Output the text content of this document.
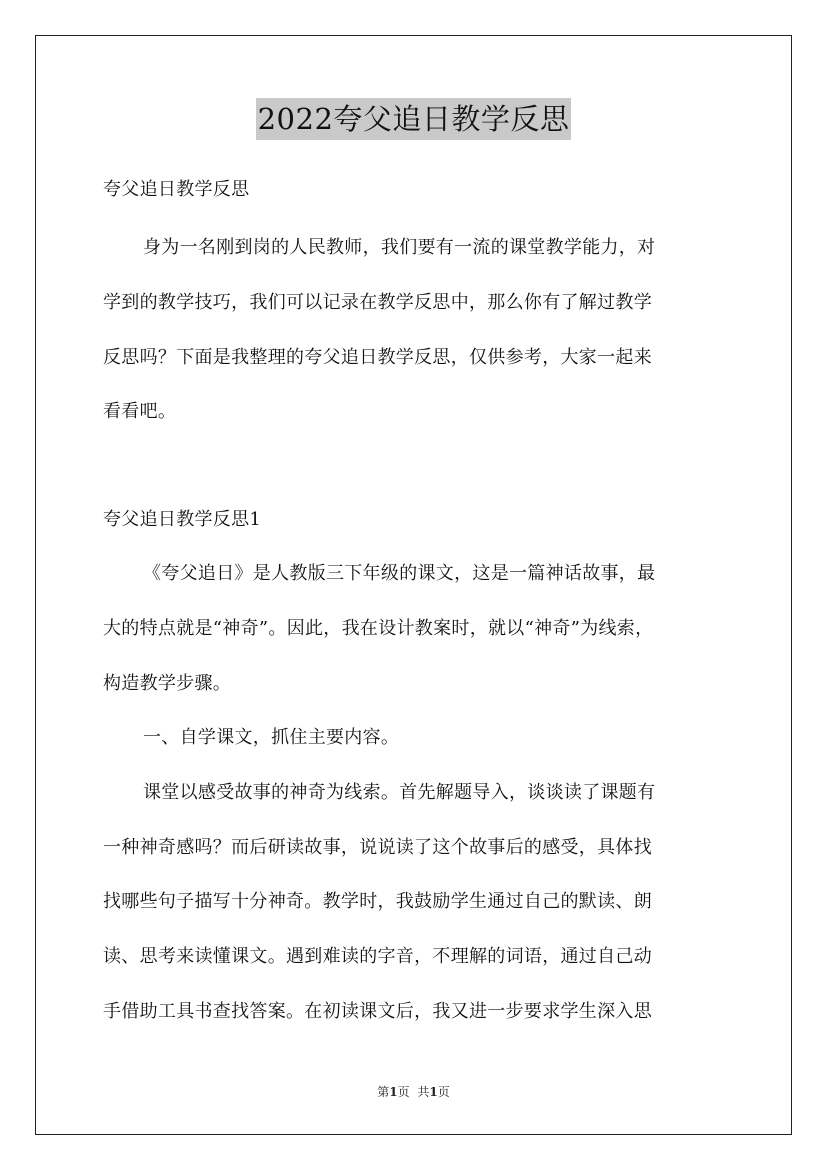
2022夸父追日教学反思
夸父追日教学反思
身为一名刚到岗的人民教师，我们要有一流的课堂教学能力，对
学到的教学技巧，我们可以记录在教学反思中，那么你有了解过教学
反思吗？下面是我整理的夸父追日教学反思，仅供参考，大家一起来
看看吧。
夸父追日教学反思1
《夸父追日》是人教版三下年级的课文，这是一篇神话故事，最
大的特点就是“神奇”。因此，我在设计教案时，就以“神奇”为线索，
构造教学步骤。
一、自学课文，抓住主要内容。
课堂以感受故事的神奇为线索。首先解题导入，谈谈读了课题有
一种神奇感吗？而后研读故事，说说读了这个故事后的感受，具体找
找哪些句子描写十分神奇。教学时，我鼓励学生通过自己的默读、朗
读、思考来读懂课文。遇到难读的字音，不理解的词语，通过自己动
手借助工具书查找答案。在初读课文后，我又进一步要求学生深入思
第1页 共1页
